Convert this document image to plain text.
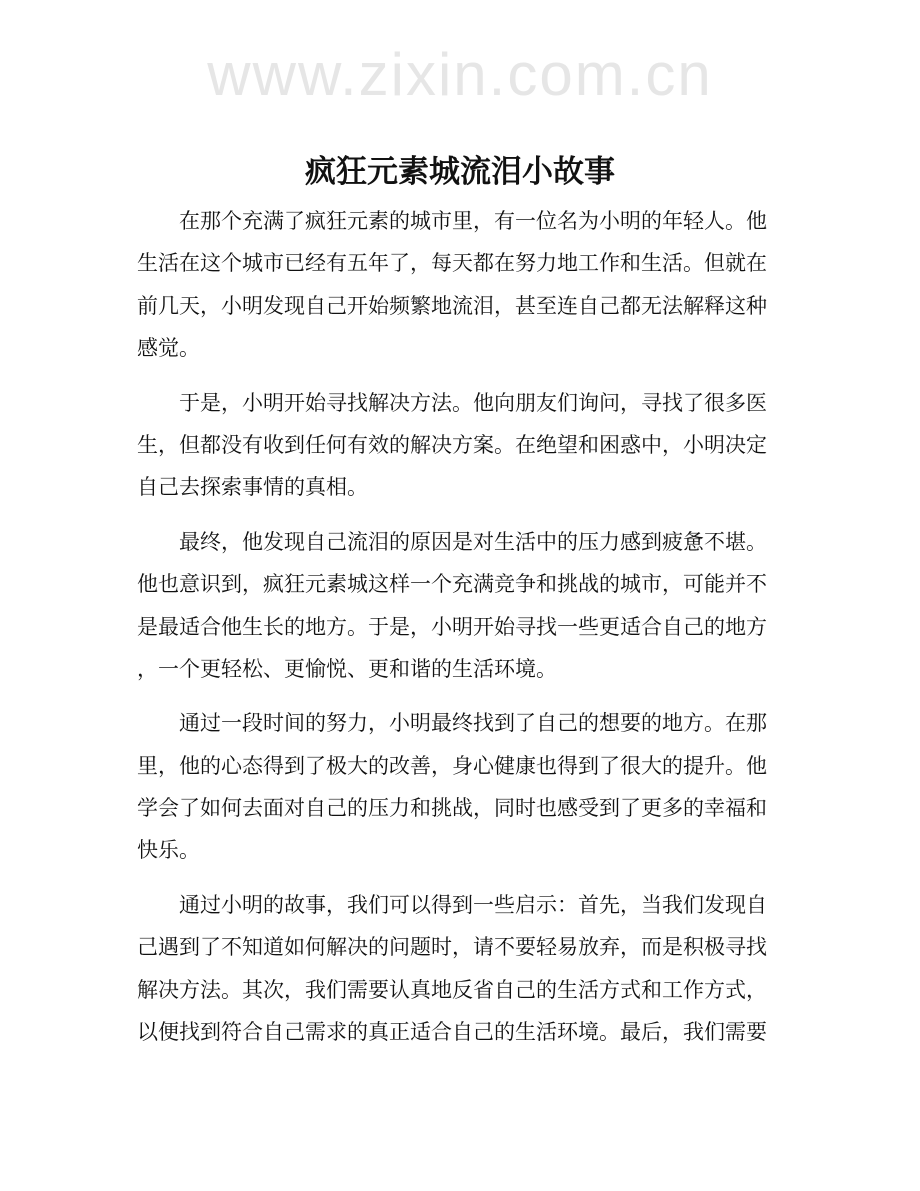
www.zixin.com.cn
疯狂元素城流泪小故事
在那个充满了疯狂元素的城市里，有一位名为小明的年轻人。他
生活在这个城市已经有五年了，每天都在努力地工作和生活。但就在
前几天，小明发现自己开始频繁地流泪，甚至连自己都无法解释这种
感觉。
于是，小明开始寻找解决方法。他向朋友们询问，寻找了很多医
生，但都没有收到任何有效的解决方案。在绝望和困惑中，小明决定
自己去探索事情的真相。
最终，他发现自己流泪的原因是对生活中的压力感到疲惫不堪。
他也意识到，疯狂元素城这样一个充满竞争和挑战的城市，可能并不
是最适合他生长的地方。于是，小明开始寻找一些更适合自己的地方
，一个更轻松、更愉悦、更和谐的生活环境。
通过一段时间的努力，小明最终找到了自己的想要的地方。在那
里，他的心态得到了极大的改善，身心健康也得到了很大的提升。他
学会了如何去面对自己的压力和挑战，同时也感受到了更多的幸福和
快乐。
通过小明的故事，我们可以得到一些启示：首先，当我们发现自
己遇到了不知道如何解决的问题时，请不要轻易放弃，而是积极寻找
解决方法。其次，我们需要认真地反省自己的生活方式和工作方式，
以便找到符合自己需求的真正适合自己的生活环境。最后，我们需要
